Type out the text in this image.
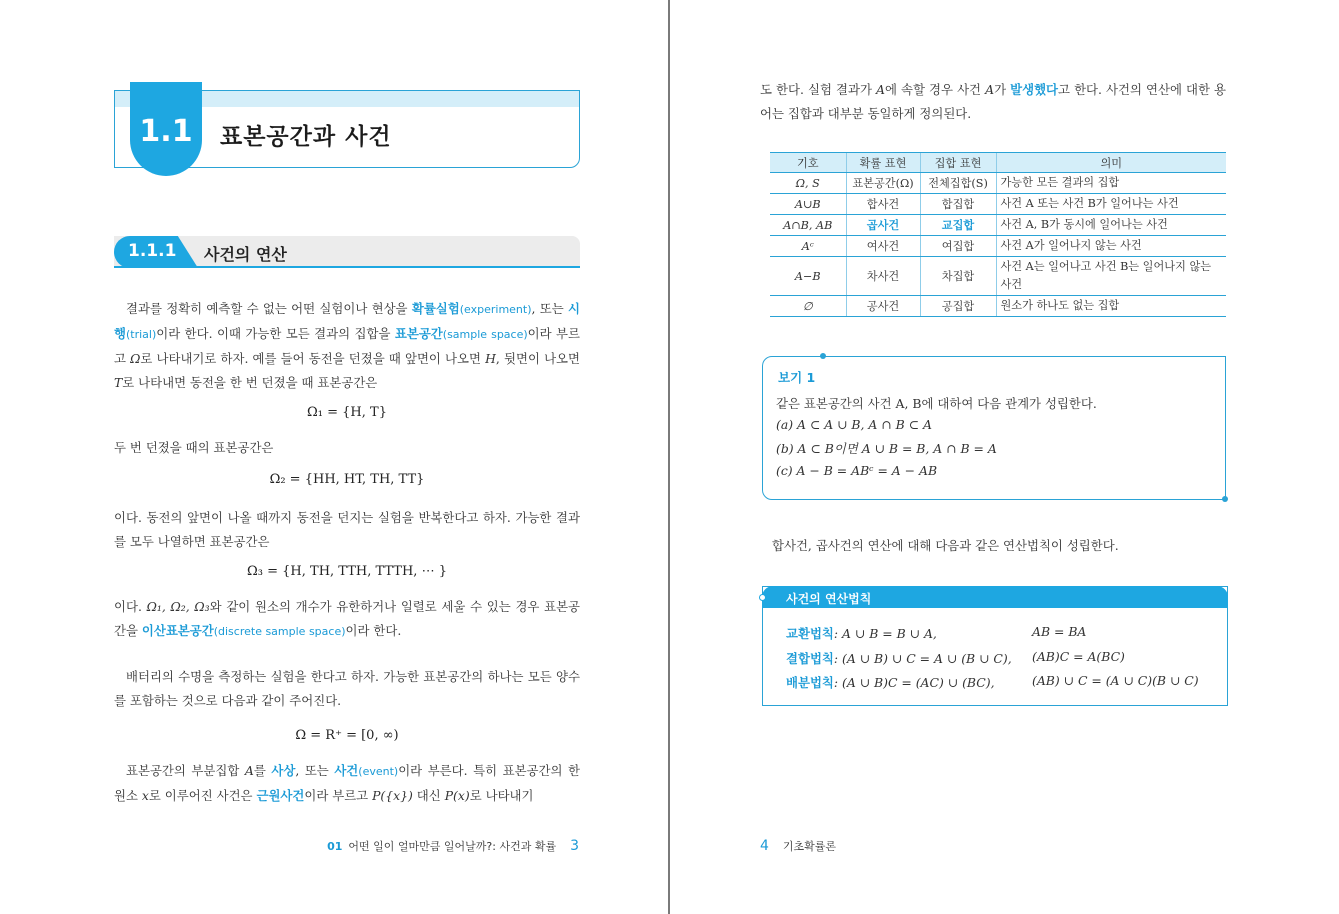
1.1	표본공간과 사건
1.1.1 사건의 연산
결과를 정확히 예측할 수 없는 어떤 실험이나 현상을 확률실험(experiment), 또는 시행(trial)이라 한다. 이때 가능한 모든 결과의 집합을 표본공간(sample space)이라 부르고 Ω로 나타내기로 하자. 예를 들어 동전을 던졌을 때 앞면이 나오면 H, 뒷면이 나오면 T로 나타내면 동전을 한 번 던졌을 때 표본공간은
Ω₁ = {H, T}
두 번 던졌을 때의 표본공간은
Ω₂ = {HH, HT, TH, TT}
이다. 동전의 앞면이 나올 때까지 동전을 던지는 실험을 반복한다고 하자. 가능한 결과를 모두 나열하면 표본공간은
Ω₃ = {H, TH, TTH, TTTH, ⋯ }
이다. Ω₁, Ω₂, Ω₃와 같이 원소의 개수가 유한하거나 일렬로 세울 수 있는 경우 표본공간을 이산표본공간(discrete sample space)이라 한다.
배터리의 수명을 측정하는 실험을 한다고 하자. 가능한 표본공간의 하나는 모든 양수를 포함하는 것으로 다음과 같이 주어진다.
Ω = R⁺ = [0, ∞)
표본공간의 부분집합 A를 사상, 또는 사건(event)이라 부른다. 특히 표본공간의 한 원소 x로 이루어진 사건은 근원사건이라 부르고 P({x}) 대신 P(x)로 나타내기
01 어떤 일이 얼마만큼 일어날까?: 사건과 확률 3
도 한다. 실험 결과가 A에 속할 경우 사건 A가 발생했다고 한다. 사건의 연산에 대한 용어는 집합과 대부분 동일하게 정의된다.
기호	확률 표현	집합 표현	의미
Ω, S	표본공간(Ω)	전체집합(S)	가능한 모든 결과의 집합
A∪B	합사건	합집합	사건 A 또는 사건 B가 일어나는 사건
A∩B, AB	곱사건	교집합	사건 A, B가 동시에 일어나는 사건
Aᶜ	여사건	여집합	사건 A가 일어나지 않는 사건
A−B	차사건	차집합	사건 A는 일어나고 사건 B는 일어나지 않는 사건
∅	공사건	공집합	원소가 하나도 없는 집합
보기 1
같은 표본공간의 사건 A, B에 대하여 다음 관계가 성립한다.
(a) A ⊂ A ∪ B, A ∩ B ⊂ A
(b) A ⊂ B이면 A ∪ B = B, A ∩ B = A
(c) A − B = ABᶜ = A − AB
합사건, 곱사건의 연산에 대해 다음과 같은 연산법칙이 성립한다.
사건의 연산법칙
교환법칙: A ∪ B = B ∪ A,	AB = BA
결합법칙: (A ∪ B) ∪ C = A ∪ (B ∪ C), (AB)C = A(BC)
배분법칙: (A ∪ B)C = (AC) ∪ (BC),	(AB) ∪ C = (A ∪ C)(B ∪ C)
4 기초확률론
